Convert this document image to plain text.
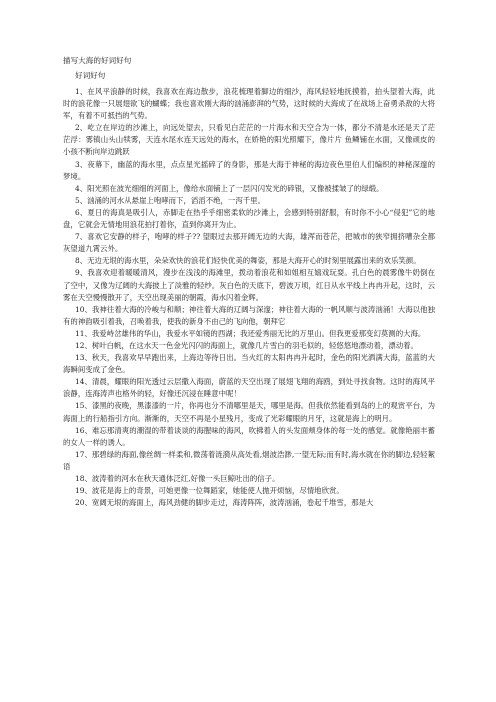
描写大海的好词好句
好词好句

1、在风平浪静的时候，我喜欢在海边散步，浪花梳理着脚边的细沙，海风轻轻地抚摸着，拍头望着大海，此时的浪花像一只展翅欲飞的蝴蝶；我也喜欢刚大海的汹涌澎湃的气势，这时候的大海成了在战场上奋勇杀敌的大将军，有着不可抵挡的气势。

2、屹立在岸边的沙滩上，向远处望去，只看见白茫茫的一片海水和天空合为一体，都分不清是水还是天了茫茫浮：雾镇山头山犊雾，天连水尾水连天远处的海水，在娇艳的阳光照耀下，像片片 鱼鳞铺在水面，又像顽皮的小孩不断向岸边跳跃

3、夜幕下，幽蓝的海水里，点点星光摇碎了的身影，那是大海于神秘的海边夜色里伯人们编织的神秘深邃的梦境。

4、阳光照在波光细细的河面上，像给水面铺上了一层闪闪发光的碎银，又像被揉皱了的绿缎。

5、汹涌的河水从悬崖上咆哮而下，滔滔不绝，一泻千里。

6、夏日的海真是吸引人，赤脚走在热乎乎细密柔软的沙滩上，会感到特别舒服，有时你不小心“侵犯”它的地盘，它就会无情地用浪花拍打着你，直到你离开为止。

7、喜欢它安静的样子，咆哮的样子?? 望眼过去那开阔无边的大海，雄浑而苍茫，把城市的狭窄拥挤嘈杂全都灰望道九霄云外。

8、无边无垠的海水里，朵朵欢快的浪花们轻快优美的舞姿，那是大海开心的时刻里展露出来的欢乐笑颜。

9、我喜欢迎着暖暖清风，漫步在浅浅的海滩里，拨动着浪花和如姐相互嬉戏玩耍。孔白色的晨雾像牛奶倒在了空中，又像为辽阔的大海披上了淡雅的轻纱。灰白色的天底下，碧波万顷，红日从水平线上冉冉升起，这时，云雾在天空慢慢散开了，天空出现美丽的朝霞，海水闪着金辉。

10、我神往着大海的冷峻与和顺；神往着大海的辽阔与深邃；神往着大海的一帆风顺与波涛汹涌！大海以他独有的神韵吸引着我，召唤着我，使我的新身不由己的飞向他，朝拜它

11、我爱峙岔雄伟的华山，我爱水平如镜的西湖；我还爱秀丽无比的万里山。但我更爱那变幻莫测的大海。

12、树叶白帆，在这水天一色金光闪闪的海面上，就像几片雪白的羽毛似的，轻悠悠地漂动着，漂动着。

13、秋天，我喜欢早早跑出来，上海边等待日出。当火红的太阳冉冉升起时，金色的阳光洒满大海，蓝蓝的大海瞬间变成了金色。

14、清晨，耀眼的阳光透过云层撒入海面，蔚蓝的天空出现了展翅飞翔的海鸥，到处寻找食物。这时的海风平浪静，连海涛声也格外的轻，好像还沉浸在睡意中呢！

15、漆黑的夜晚，黑漆漆的一片，你再也分不清哪里是天，哪里是海。但我依然能看到岛的上的观赏平台，为海面上的行船指引方向。渐渐的，天空不再是小星残月，变成了光彩耀眼的月牙，这就是海上的明月。

16、难忘那清爽的潮湿的带着谈谈的海腥味的海风，吹拂着人的头发面颊身体的每一处的感觉。就像艳丽丰蓄的女人一样的诱人。

17、那碧绿的海面,像丝绸一样柔和,微荡着涟漪从高处看,烟波浩渺,一望无际;而有时,海水就在你的脚边,轻轻絮语

18、波涛着的河水在秋天通体泛红,好像一头巨鲸吐出的信子。

19、波花是海上的奇景，可她更像一位舞蹈家，她能使人抛开烦恼，尽情地欣赏。

20、宽阔无垠的海面上，海风劲健的脚步走过，海涛阵阵，波涛汹涌，卷起千堆雪，那是大
